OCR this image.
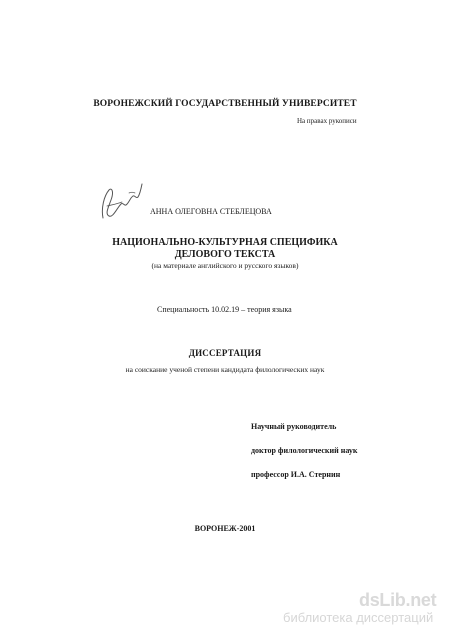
ВОРОНЕЖСКИЙ ГОСУДАРСТВЕННЫЙ УНИВЕРСИТЕТ
На правах рукописи
АННА ОЛЕГОВНА СТЕБЛЕЦОВА
НАЦИОНАЛЬНО-КУЛЬТУРНАЯ СПЕЦИФИКА
ДЕЛОВОГО ТЕКСТА
(на материале английского и русского языков)
Специальность 10.02.19 – теория языка
ДИССЕРТАЦИЯ
на соискание ученой степени кандидата филологических наук
Научный руководитель
доктор филологический наук
профессор И.А. Стернин
ВОРОНЕЖ-2001
dsLib.net
библиотека диссертаций
